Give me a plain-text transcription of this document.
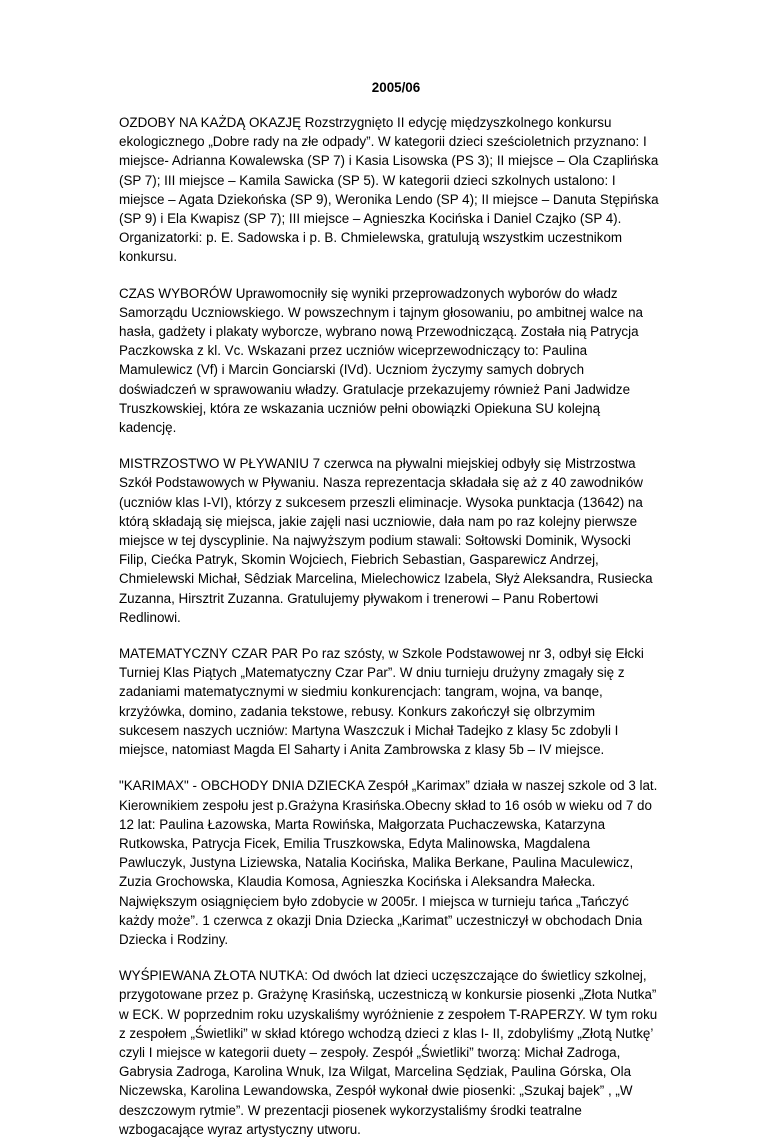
2005/06

OZDOBY NA KAŻDĄ OKAZJĘ Rozstrzygnięto II edycję międzyszkolnego konkursu ekologicznego „Dobre rady na złe odpady”. W kategorii dzieci sześcioletnich przyznano: I miejsce- Adrianna Kowalewska (SP 7) i Kasia Lisowska (PS 3); II miejsce – Ola Czaplińska (SP 7); III miejsce – Kamila Sawicka (SP 5). W kategorii dzieci szkolnych ustalono: I miejsce – Agata Dziekońska (SP 9), Weronika Lendo (SP 4); II miejsce – Danuta Stępińska (SP 9) i Ela Kwapisz (SP 7); III miejsce – Agnieszka Kocińska i Daniel Czajko (SP 4). Organizatorki: p. E. Sadowska i p. B. Chmielewska, gratulują wszystkim uczestnikom konkursu.

CZAS WYBORÓW Uprawomocniły się wyniki przeprowadzonych wyborów do władz Samorządu Uczniowskiego. W powszechnym i tajnym głosowaniu, po ambitnej walce na hasła, gadżety i plakaty wyborcze, wybrano nową Przewodniczącą. Została nią Patrycja Paczkowska z kl. Vc. Wskazani przez uczniów wiceprzewodniczący to: Paulina Mamulewicz (Vf) i Marcin Gonciarski (IVd). Uczniom życzymy samych dobrych doświadczeń w sprawowaniu władzy. Gratulacje przekazujemy również Pani Jadwidze Truszkowskiej, która ze wskazania uczniów pełni obowiązki Opiekuna SU kolejną kadencję.

MISTRZOSTWO W PŁYWANIU 7 czerwca na pływalni miejskiej odbyły się Mistrzostwa Szkół Podstawowych w Pływaniu. Nasza reprezentacja składała się aż z 40 zawodników (uczniów klas I-VI), którzy z sukcesem przeszli eliminacje. Wysoka punktacja (13642) na którą składają się miejsca, jakie zajęli nasi uczniowie, dała nam po raz kolejny pierwsze miejsce w tej dyscyplinie. Na najwyższym podium stawali: Sołtowski Dominik, Wysocki Filip, Ciećka Patryk, Skomin Wojciech, Fiebrich Sebastian, Gasparewicz Andrzej, Chmielewski Michał, Sêdziak Marcelina, Mielechowicz Izabela, Słyż Aleksandra, Rusiecka Zuzanna, Hirsztrit Zuzanna. Gratulujemy pływakom i trenerowi – Panu Robertowi Redlinowi.

MATEMATYCZNY CZAR PAR Po raz szósty, w Szkole Podstawowej nr 3, odbył się Ełcki Turniej Klas Piątych „Matematyczny Czar Par”. W dniu turnieju drużyny zmagały się z zadaniami matematycznymi w siedmiu konkurencjach: tangram, wojna, va banqe, krzyżówka, domino, zadania tekstowe, rebusy. Konkurs zakończył się olbrzymim sukcesem naszych uczniów: Martyna Waszczuk i Michał Tadejko z klasy 5c zdobyli I miejsce, natomiast Magda El Saharty i Anita Zambrowska z klasy 5b – IV miejsce.

"KARIMAX" - OBCHODY DNIA DZIECKA Zespół „Karimax” działa w naszej szkole od 3 lat. Kierownikiem zespołu jest p.Grażyna Krasińska.Obecny skład to 16 osób w wieku od 7 do 12 lat: Paulina Łazowska, Marta Rowińska, Małgorzata Puchaczewska, Katarzyna Rutkowska, Patrycja Ficek, Emilia Truszkowska, Edyta Malinowska, Magdalena Pawluczyk, Justyna Liziewska, Natalia Kocińska, Malika Berkane, Paulina Maculewicz, Zuzia Grochowska, Klaudia Komosa, Agnieszka Kocińska i Aleksandra Małecka. Największym osiągnięciem było zdobycie w 2005r. I miejsca w turnieju tańca „Tańczyć każdy może”. 1 czerwca z okazji Dnia Dziecka „Karimat” uczestniczył w obchodach Dnia Dziecka i Rodziny.

WYŚPIEWANA ZŁOTA NUTKA: Od dwóch lat dzieci uczęszczające do świetlicy szkolnej, przygotowane przez p. Grażynę Krasińską, uczestniczą w konkursie piosenki „Złota Nutka” w ECK. W poprzednim roku uzyskaliśmy wyróżnienie z zespołem T-RAPERZY. W tym roku z zespołem „Świetliki” w skład którego wchodzą dzieci z klas I- II, zdobyliśmy „Złotą Nutkę’ czyli I miejsce w kategorii duety – zespoły. Zespół „Świetliki” tworzą: Michał Zadroga, Gabrysia Zadroga, Karolina Wnuk, Iza Wilgat, Marcelina Sędziak, Paulina Górska, Ola Niczewska, Karolina Lewandowska, Zespół wykonał dwie piosenki: „Szukaj bajek” , „W deszczowym rytmie”. W prezentacji piosenek wykorzystaliśmy środki teatralne wzbogacające wyraz artystyczny utworu.
